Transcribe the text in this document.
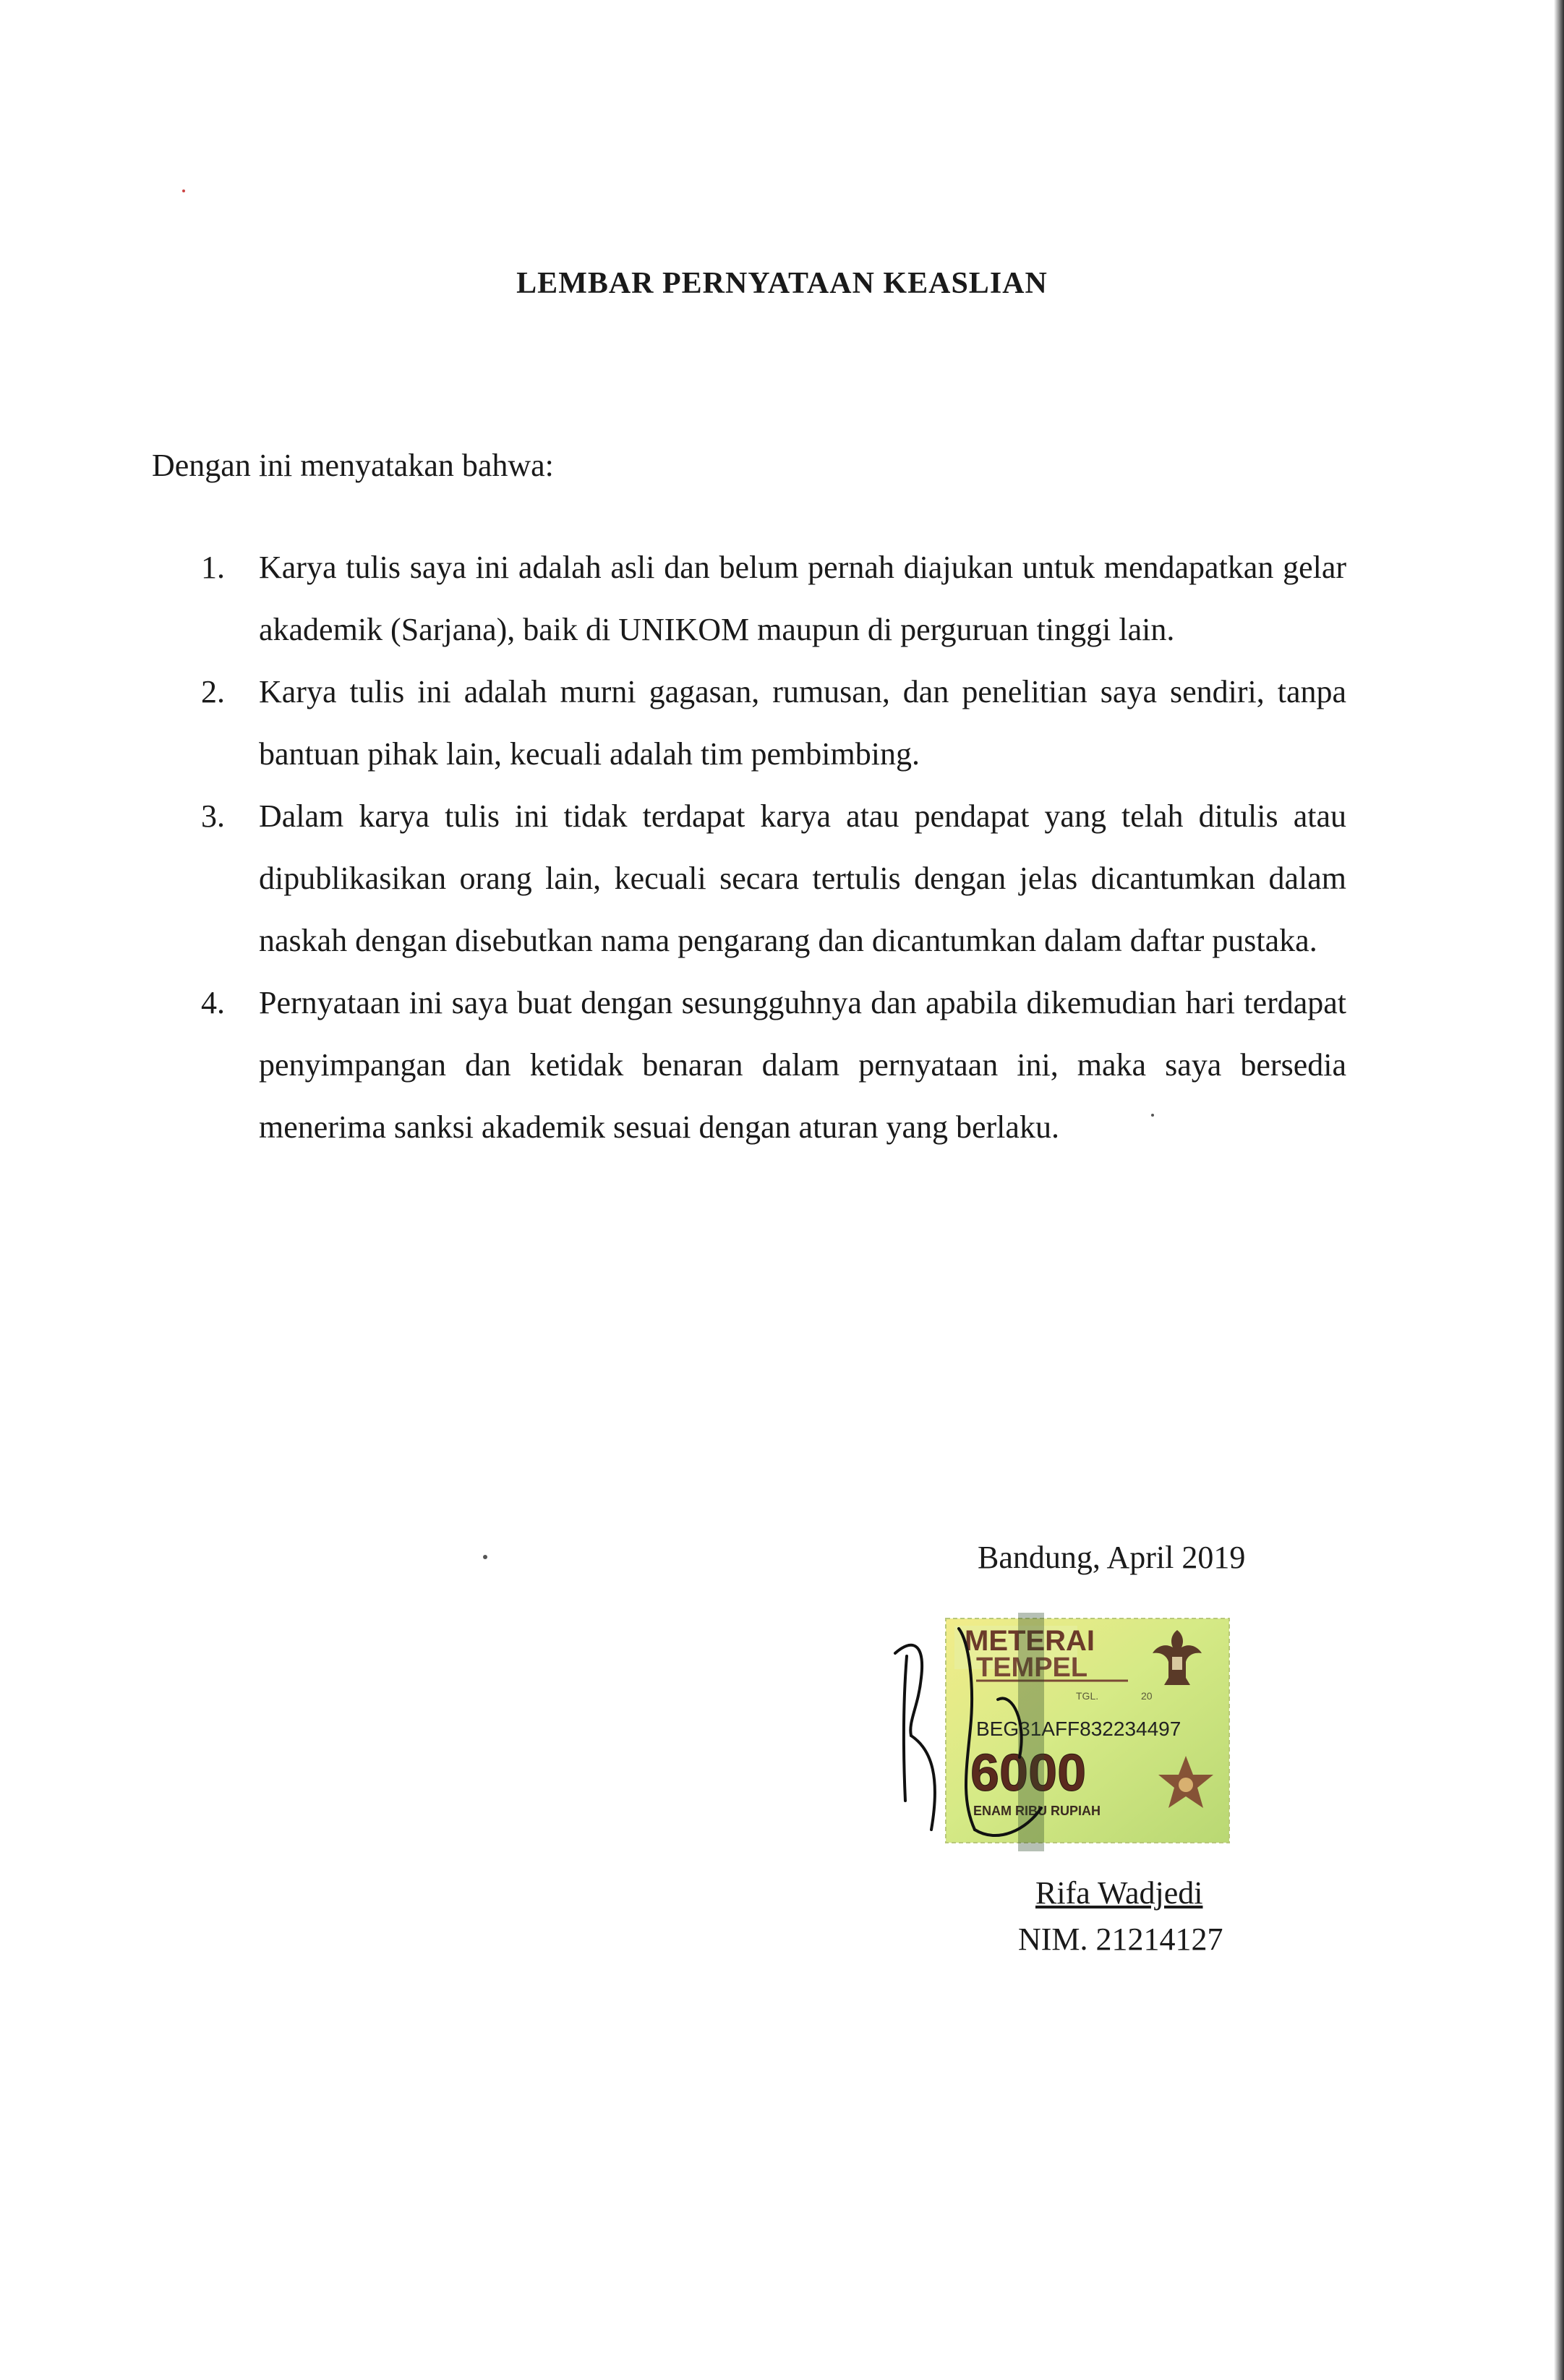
LEMBAR PERNYATAAN KEASLIAN

Dengan ini menyatakan bahwa:

1. Karya tulis saya ini adalah asli dan belum pernah diajukan untuk mendapatkan gelar akademik (Sarjana), baik di UNIKOM maupun di perguruan tinggi lain.
2. Karya tulis ini adalah murni gagasan, rumusan, dan penelitian saya sendiri, tanpa bantuan pihak lain, kecuali adalah tim pembimbing.
3. Dalam karya tulis ini tidak terdapat karya atau pendapat yang telah ditulis atau dipublikasikan orang lain, kecuali secara tertulis dengan jelas dicantumkan dalam naskah dengan disebutkan nama pengarang dan dicantumkan dalam daftar pustaka.
4. Pernyataan ini saya buat dengan sesungguhnya dan apabila dikemudian hari terdapat penyimpangan dan ketidak benaran dalam pernyataan ini, maka saya bersedia menerima sanksi akademik sesuai dengan aturan yang berlaku.

Bandung, April 2019

METERAI
TEMPEL
TGL.	20
BEG31AFF832234497
6000
ENAM RIBU RUPIAH

Rifa Wadjedi

NIM. 21214127
